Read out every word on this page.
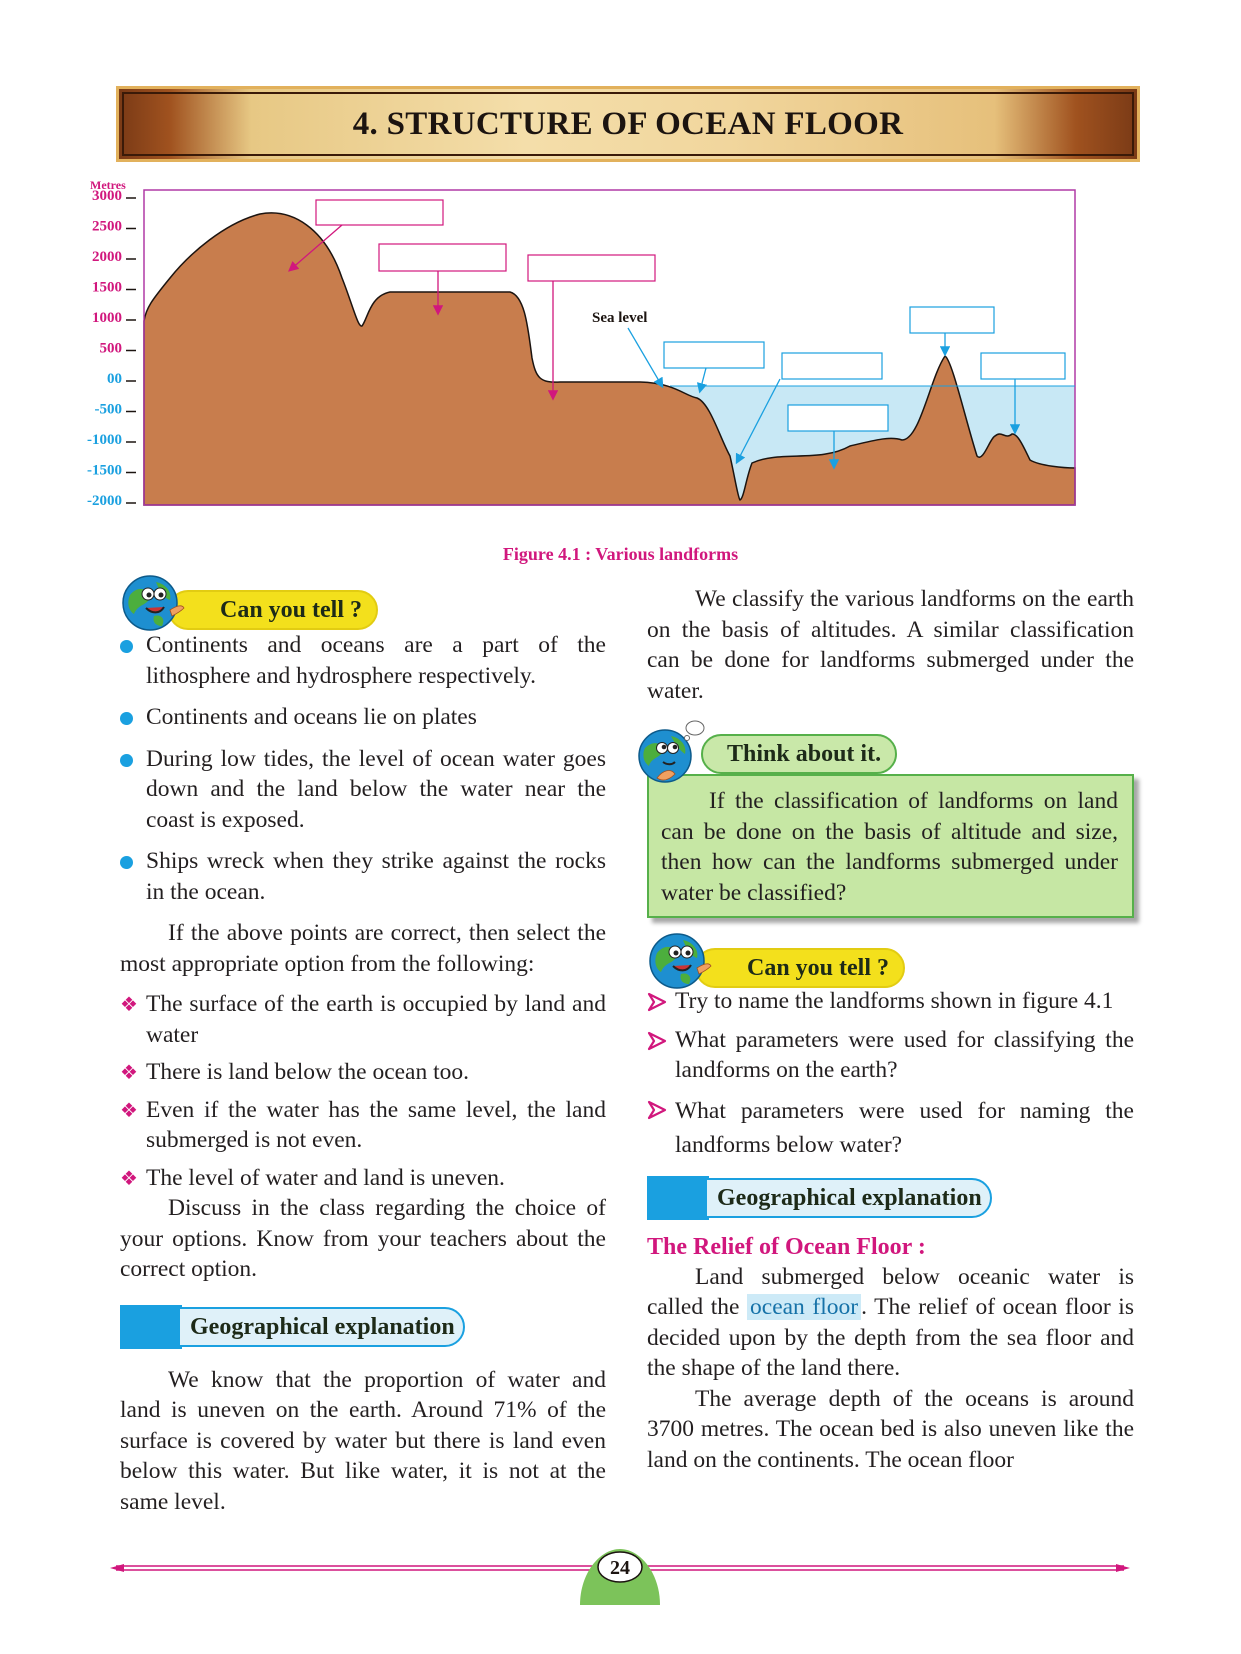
4. STRUCTURE OF OCEAN FLOOR
3000
2500
2000
1500
1000
500
00
-500
-1000
-1500
-2000
Metres
Sea level
Figure 4.1 : Various landforms
Can you tell ?
Continents and oceans are a part of the lithosphere and hydrosphere respectively.
Continents and oceans lie on plates
During low tides, the level of ocean water goes down and the land below the water near the coast is exposed.
Ships wreck when they strike against the rocks in the ocean.

If the above points are correct, then select the most appropriate option from the following:

❖ The surface of the earth is occupied by land and water
❖ There is land below the ocean too.
❖ Even if the water has the same level, the land submerged is not even.
❖ The level of water and land is uneven.

Discuss in the class regarding the choice of your options. Know from your teachers about the correct option.

Geographical explanation

We know that the proportion of water and land is uneven on the earth. Around 71% of the surface is covered by water but there is land even below this water. But like water, it is not at the same level.

We classify the various landforms on the earth on the basis of altitudes. A similar classification can be done for landforms submerged under the water.

Think about it.

If the classification of landforms on land can be done on the basis of altitude and size, then how can the landforms submerged under water be classified?

Can you tell ?
Try to name the landforms shown in figure 4.1
What parameters were used for classifying the landforms on the earth?
What parameters were used for naming the landforms below water?
Geographical explanation
The Relief of Ocean Floor :

Land submerged below oceanic water is called the ocean floor . The relief of ocean floor is decided upon by the depth from the sea floor and the shape of the land there.

The average depth of the oceans is around 3700 metres. The ocean bed is also uneven like the land on the continents. The ocean floor

24
